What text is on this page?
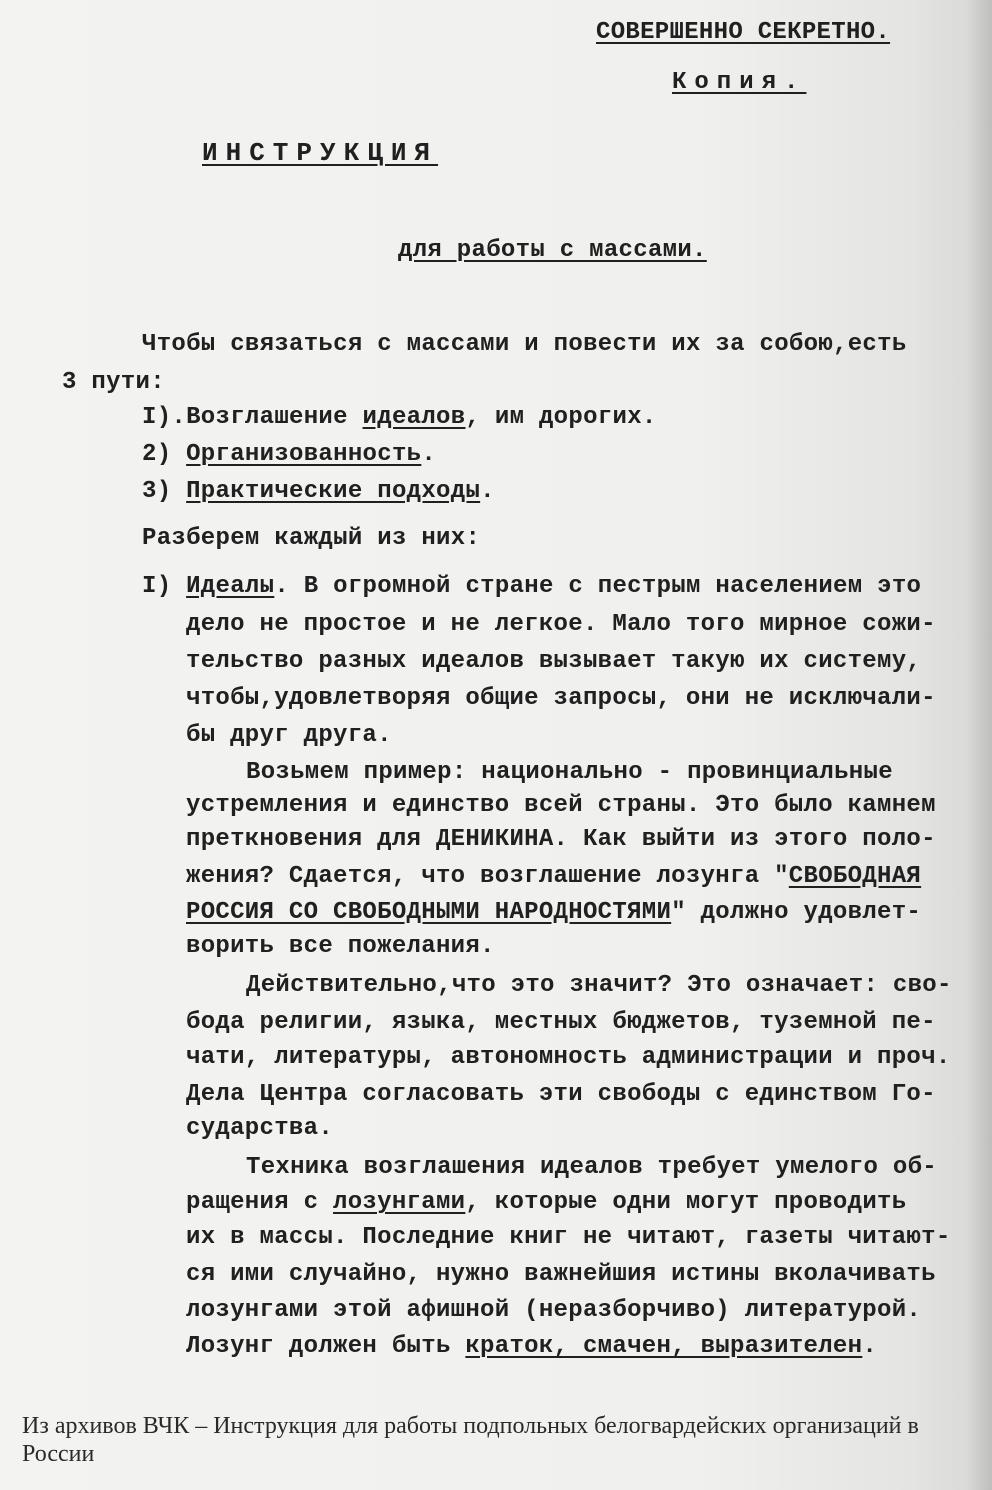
СОВЕРШЕННО СЕКРЕТНО.
Копия.
ИНСТРУКЦИЯ
для работы с массами.
Чтобы связаться с массами и повести их за собою,есть
3 пути:
I).Возглашение идеалов, им дорогих.
2) Организованность.
3) Практические подходы.
Разберем каждый из них:
I) Идеалы. В огромной стране с пестрым населением это
дело не простое и не легкое. Мало того мирное сожи-
тельство разных идеалов вызывает такую их систему,
чтобы,удовлетворяя общие запросы, они не исключали-
бы друг друга.
Возьмем пример: национально - провинциальные
устремления и единство всей страны. Это было камнем
преткновения для ДЕНИКИНА. Как выйти из этого поло-
жения? Сдается, что возглашение лозунга "СВОБОДНАЯ
РОССИЯ СО СВОБОДНЫМИ НАРОДНОСТЯМИ" должно удовлет-
ворить все пожелания.
Действительно,что это значит? Это означает: сво-
бода религии, языка, местных бюджетов, туземной пе-
чати, литературы, автономность администрации и проч.
Дела Центра согласовать эти свободы с единством Го-
сударства.
Техника возглашения идеалов требует умелого об-
ращения с лозунгами, которые одни могут проводить
их в массы. Последние книг не читают, газеты читают-
ся ими случайно, нужно важнейшия истины вколачивать
лозунгами этой афишной (неразборчиво) литературой.
Лозунг должен быть краток, смачен, выразителен.
Из архивов ВЧК – Инструкция для работы подпольных белогвардейских организаций в России
